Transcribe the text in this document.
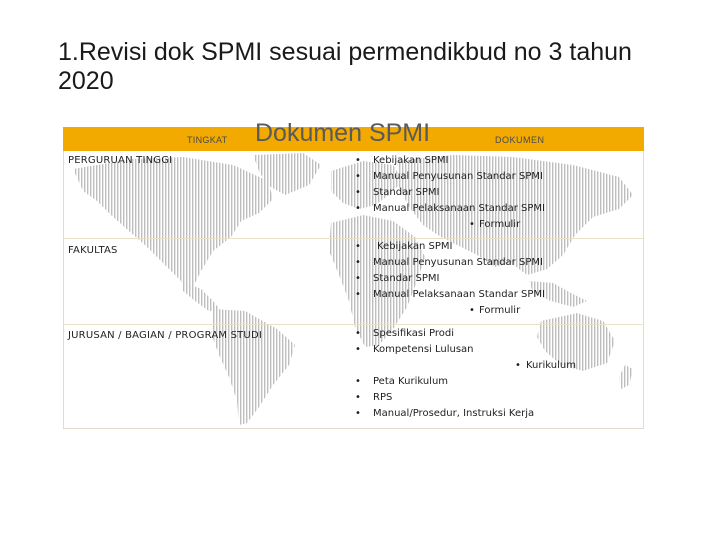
1.Revisi dok SPMI sesuai permendikbud no 3 tahun 2020
TINGKAT Dokumen SPMI	DOKUMEN
PERGURUAN TINGGI	• Kebijakan SPMI
• Manual Penyusunan Standar SPMI
• Standar SPMI
• Manual Pelaksanaan Standar SPMI
• Formulir
FAKULTAS	• Kebijakan SPMI
• Manual Penyusunan Standar SPMI
• Standar SPMI
• Manual Pelaksanaan Standar SPMI
• Formulir
JURUSAN / BAGIAN / PROGRAM STUDI	• Spesifikasi Prodi
• Kompetensi Lulusan
• Kurikulum
• Peta Kurikulum
• RPS
• Manual/Prosedur, Instruksi Kerja
